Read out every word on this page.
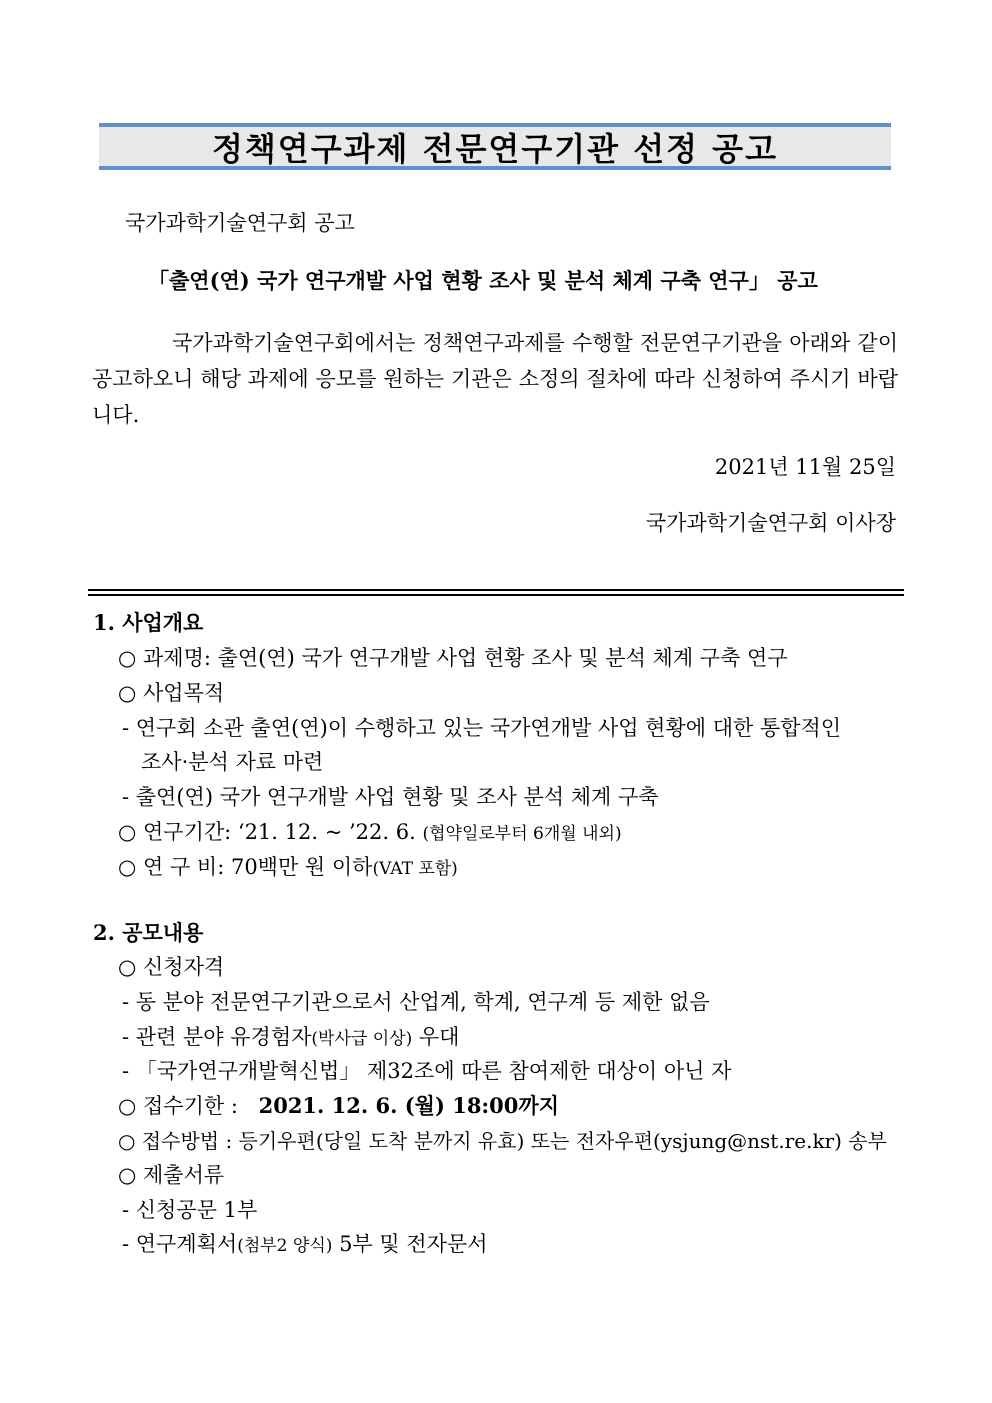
정책연구과제 전문연구기관 선정 공고
국가과학기술연구회 공고
「출연(연) 국가 연구개발 사업 현황 조사 및 분석 체계 구축 연구」 공고
국가과학기술연구회에서는 정책연구과제를 수행할 전문연구기관을 아래와 같이 공고하오니 해당 과제에 응모를 원하는 기관은 소정의 절차에 따라 신청하여 주시기 바랍니다.
2021년 11월 25일
국가과학기술연구회 이사장
1. 사업개요
○ 과제명: 출연(연) 국가 연구개발 사업 현황 조사 및 분석 체계 구축 연구
○ 사업목적
- 연구회 소관 출연(연)이 수행하고 있는 국가연개발 사업 현황에 대한 통합적인
조사·분석 자료 마련
- 출연(연) 국가 연구개발 사업 현황 및 조사 분석 체계 구축
○ 연구기간: ‘21. 12. ~ ’22. 6. (협약일로부터 6개월 내외)
○ 연 구 비: 70백만 원 이하(VAT 포함)
2. 공모내용
○ 신청자격
- 동 분야 전문연구기관으로서 산업계, 학계, 연구계 등 제한 없음
- 관련 분야 유경험자(박사급 이상) 우대
- 「국가연구개발혁신법」 제32조에 따른 참여제한 대상이 아닌 자
○ 접수기한 : 2021. 12. 6. (월) 18:00까지
○ 접수방법 : 등기우편(당일 도착 분까지 유효) 또는 전자우편(ysjung@nst.re.kr) 송부
○ 제출서류
- 신청공문 1부
- 연구계획서(첨부2 양식) 5부 및 전자문서
